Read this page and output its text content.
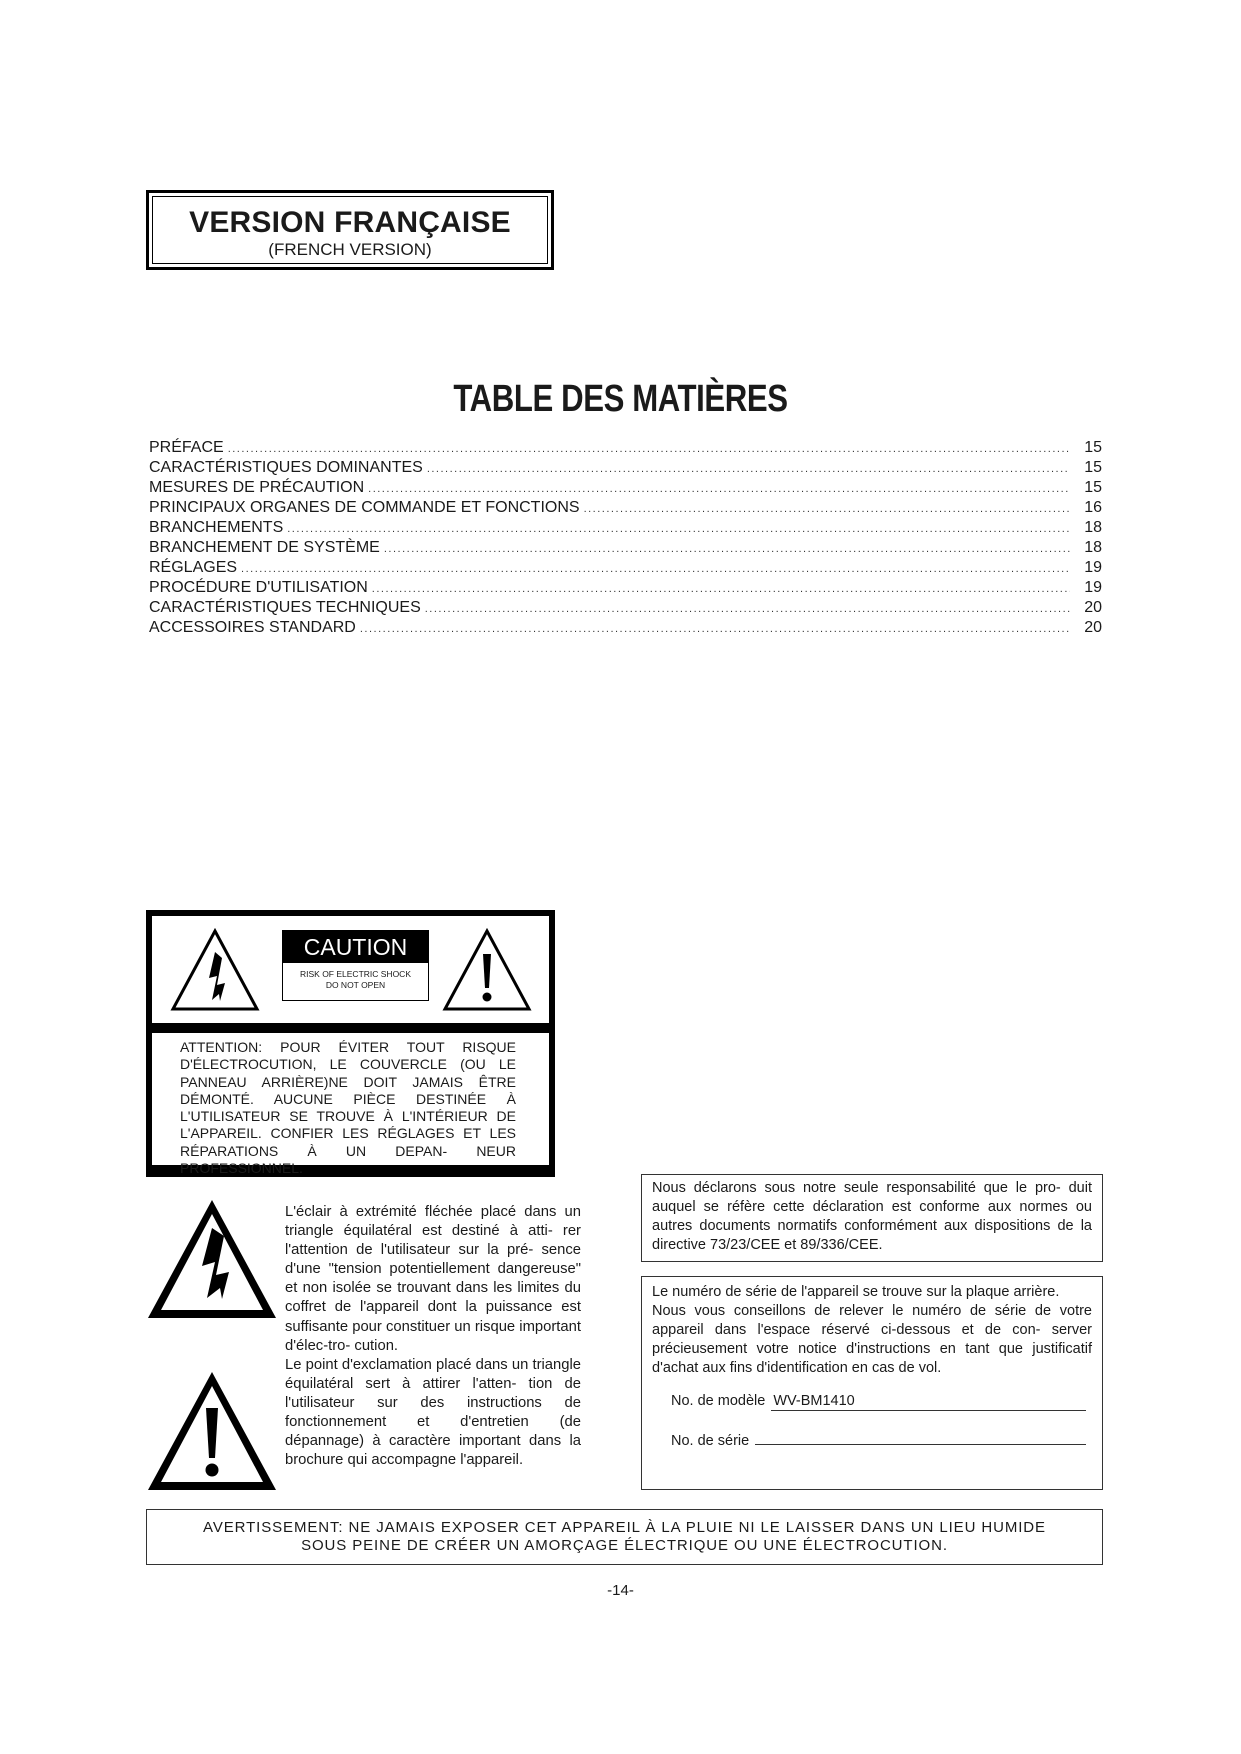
VERSION FRANÇAISE
(FRENCH VERSION)
TABLE DES MATIÈRES
PRÉFACE .....	15
CARACTÉRISTIQUES DOMINANTES .....	15
MESURES DE PRÉCAUTION .....	15
PRINCIPAUX ORGANES DE COMMANDE ET FONCTIONS .....	16
BRANCHEMENTS .....	18
BRANCHEMENT DE SYSTÈME .....	18
RÉGLAGES .....	19
PROCÉDURE D'UTILISATION .....	19
CARACTÉRISTIQUES TECHNIQUES .....	20
ACCESSOIRES STANDARD .....	20
CAUTION
RISK OF ELECTRIC SHOCK
DO NOT OPEN
ATTENTION: POUR ÉVITER TOUT RISQUE D'ÉLECTROCUTION, LE COUVERCLE (OU LE PANNEAU ARRIÈRE)NE DOIT JAMAIS ÊTRE DÉMONTÉ. AUCUNE PIÈCE DESTINÉE À L'UTILISATEUR SE TROUVE À L'INTÉRIEUR DE L'APPAREIL. CONFIER LES RÉGLAGES ET LES RÉPARATIONS À UN DEPAN- NEUR PROFESSIONNEL.
L'éclair à extrémité fléchée placé dans un triangle équilatéral est destiné à atti- rer l'attention de l'utilisateur sur la pré- sence d'une "tension potentiellement dangereuse" et non isolée se trouvant dans les limites du coffret de l'appareil dont la puissance est suffisante pour constituer un risque important d'élec-tro- cution.
Le point d'exclamation placé dans un triangle équilatéral sert à attirer l'atten- tion de l'utilisateur sur des instructions de fonctionnement et d'entretien (de dépannage) à caractère important dans la brochure qui accompagne l'appareil.
Nous déclarons sous notre seule responsabilité que le pro- duit auquel se réfère cette déclaration est conforme aux normes ou autres documents normatifs conformément aux dispositions de la directive 73/23/CEE et 89/336/CEE.
Le numéro de série de l'appareil se trouve sur la plaque arrière.
Nous vous conseillons de relever le numéro de série de votre appareil dans l'espace réservé ci-dessous et de con- server précieusement votre notice d'instructions en tant que justificatif d'achat aux fins d'identification en cas de vol.
No. de modèle WV-BM1410
No. de série
AVERTISSEMENT: NE JAMAIS EXPOSER CET APPAREIL À LA PLUIE NI LE LAISSER DANS UN LIEU HUMIDE
SOUS PEINE DE CRÉER UN AMORÇAGE ÉLECTRIQUE OU UNE ÉLECTROCUTION.
-14-
